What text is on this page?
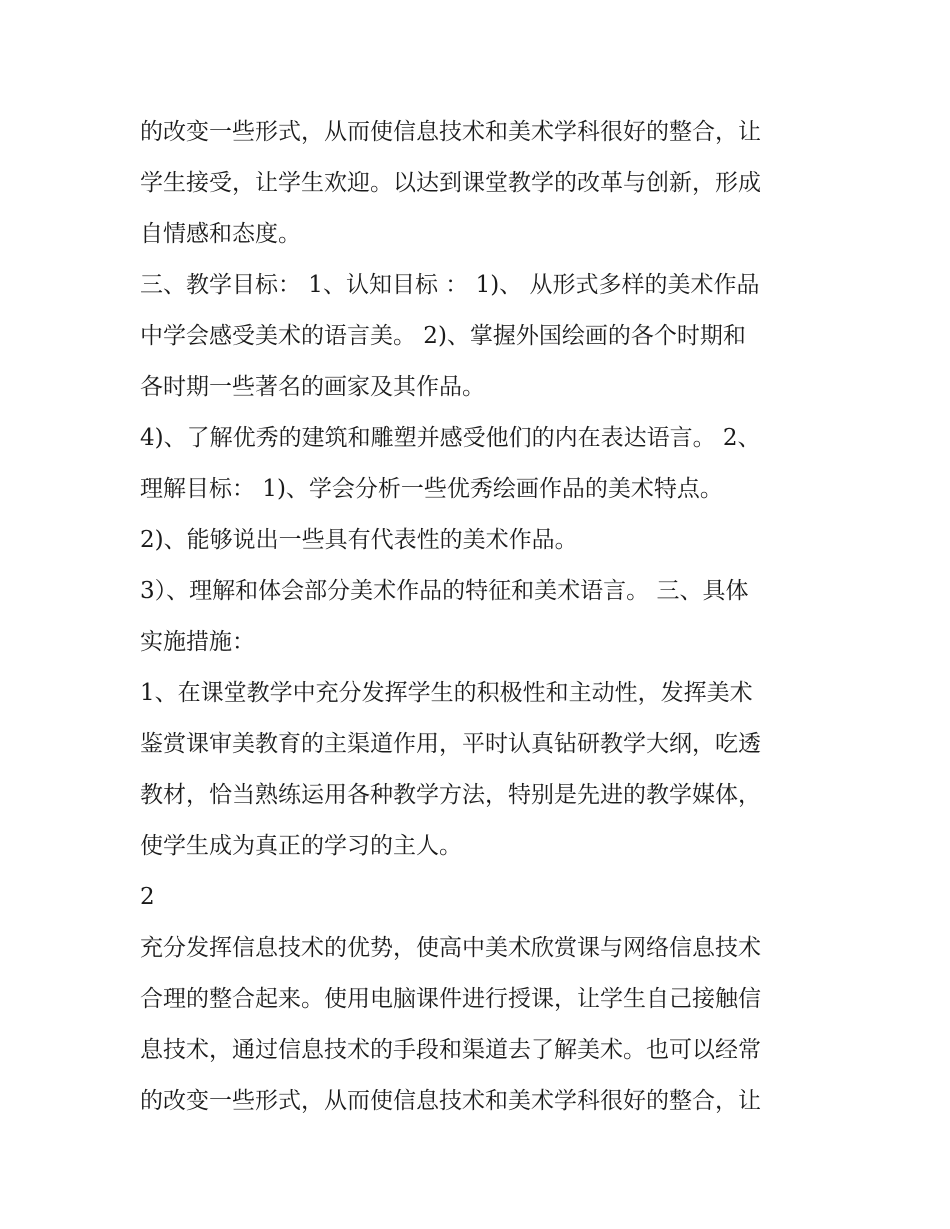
的改变一些形式，从而使信息技术和美术学科很好的整合，让
学生接受，让学生欢迎。以达到课堂教学的改革与创新，形成
自情感和态度。
三、教学目标： 1、认知目标 ： 1)、 从形式多样的美术作品
中学会感受美术的语言美。 2)、掌握外国绘画的各个时期和
各时期一些著名的画家及其作品。
4)、了解优秀的建筑和雕塑并感受他们的内在表达语言。 2、
理解目标： 1)、学会分析一些优秀绘画作品的美术特点。
2)、能够说出一些具有代表性的美术作品。
3）、理解和体会部分美术作品的特征和美术语言。 三、具体
实施措施：
1、在课堂教学中充分发挥学生的积极性和主动性，发挥美术
鉴赏课审美教育的主渠道作用，平时认真钻研教学大纲，吃透
教材，恰当熟练运用各种教学方法，特别是先进的教学媒体，
使学生成为真正的学习的主人。
2
充分发挥信息技术的优势，使高中美术欣赏课与网络信息技术
合理的整合起来。使用电脑课件进行授课，让学生自己接触信
息技术，通过信息技术的手段和渠道去了解美术。也可以经常
的改变一些形式，从而使信息技术和美术学科很好的整合，让
